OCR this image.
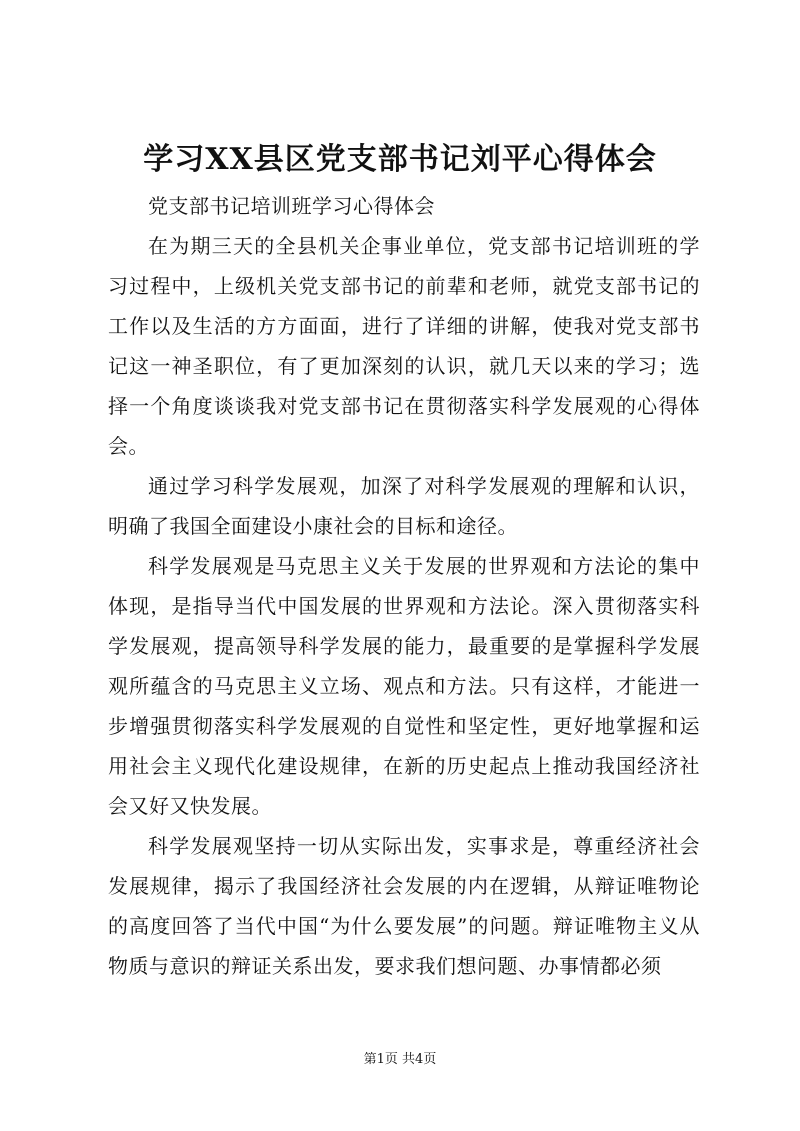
学习XX县区党支部书记刘平心得体会

党支部书记培训班学习心得体会

在为期三天的全县机关企事业单位，党支部书记培训班的学习过程中，上级机关党支部书记的前辈和老师，就党支部书记的工作以及生活的方方面面，进行了详细的讲解，使我对党支部书记这一神圣职位，有了更加深刻的认识，就几天以来的学习；选择一个角度谈谈我对党支部书记在贯彻落实科学发展观的心得体会。

通过学习科学发展观，加深了对科学发展观的理解和认识，明确了我国全面建设小康社会的目标和途径。

科学发展观是马克思主义关于发展的世界观和方法论的集中体现，是指导当代中国发展的世界观和方法论。深入贯彻落实科学发展观，提高领导科学发展的能力，最重要的是掌握科学发展观所蕴含的马克思主义立场、观点和方法。只有这样，才能进一步增强贯彻落实科学发展观的自觉性和坚定性，更好地掌握和运用社会主义现代化建设规律，在新的历史起点上推动我国经济社会又好又快发展。

科学发展观坚持一切从实际出发，实事求是，尊重经济社会发展规律，揭示了我国经济社会发展的内在逻辑，从辩证唯物论的高度回答了当代中国“为什么要发展”的问题。辩证唯物主义从物质与意识的辩证关系出发，要求我们想问题、办事情都必须

第1页 共4页
